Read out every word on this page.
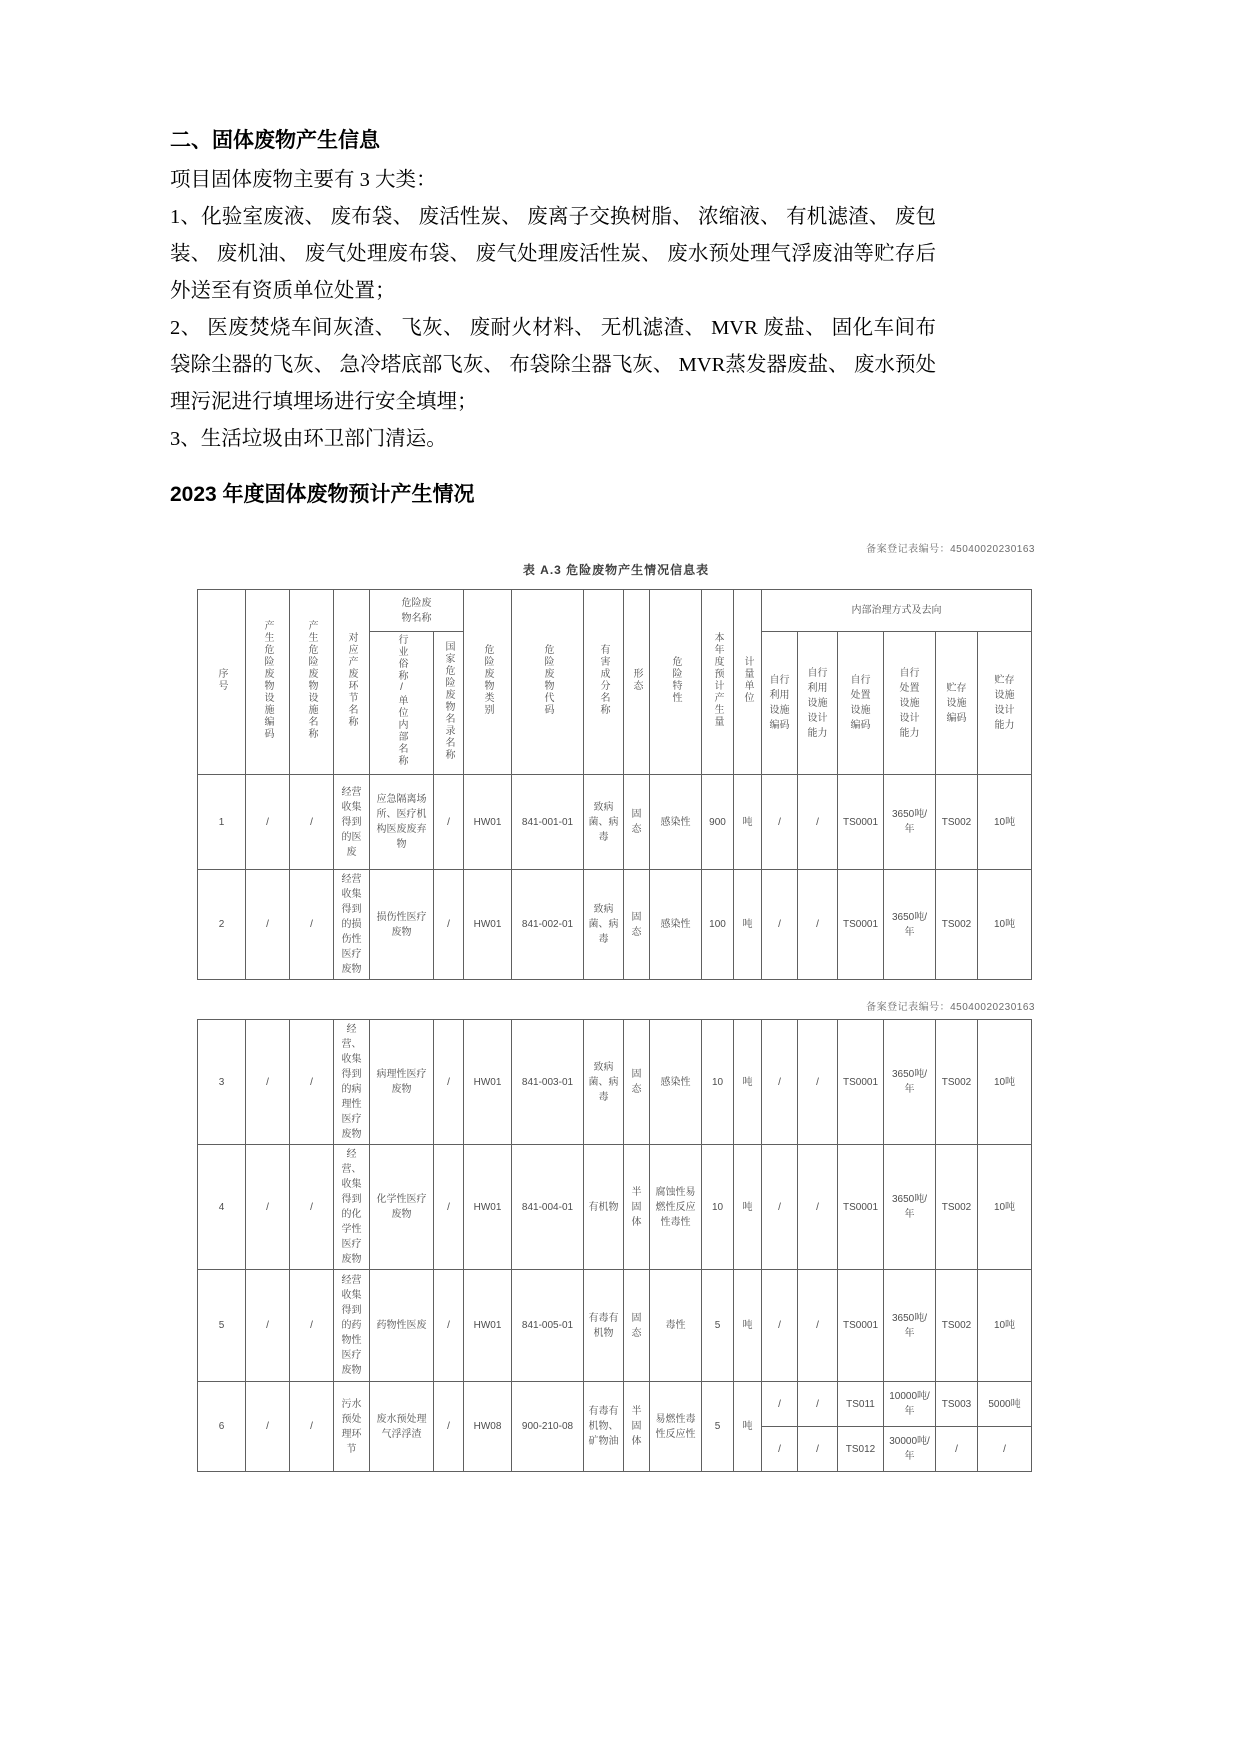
二、固体废物产生信息

项目固体废物主要有 3 大类：

1、化验室废液、 废布袋、 废活性炭、 废离子交换树脂、 浓缩液、 有机滤渣、 废包装、 废机油、 废气处理废布袋、 废气处理废活性炭、 废水预处理气浮废油等贮存后外送至有资质单位处置；

2、 医废焚烧车间灰渣、 飞灰、 废耐火材料、 无机滤渣、 MVR 废盐、 固化车间布袋除尘器的飞灰、 急冷塔底部飞灰、 布袋除尘器飞灰、 MVR蒸发器废盐、 废水预处理污泥进行填埋场进行安全填埋；

3、生活垃圾由环卫部门清运。

2023 年度固体废物预计产生情况
备案登记表编号：45040020230163
表 A.3 危险废物产生情况信息表
序号	产生危险废物设施编码	产生危险废物设施名称	对应产废环节名称	危险废物名称		危险废物类别	危险废物代码	有害成分名称	形态	危险特性	本年度预计产生量	计量单位	内部治理方式及去向					
				行业俗称/单位内部名称	国家危险废物名录名称								自行利用设施编码	自行利用设施设计能力	自行处置设施编码	自行处置设施设计能力	贮存设施编码	贮存设施设计能力
1	/	/	经营收集得到的医废	应急隔离场所、医疗机构医废废弃物	/	HW01	841-001-01	致病菌、病毒	固态	感染性	900	吨	/	/	TS0001	3650吨/年	TS002	10吨
2	/	/	经营收集得到的损伤性医疗废物	损伤性医疗废物	/	HW01	841-002-01	致病菌、病毒	固态	感染性	100	吨	/	/	TS0001	3650吨/年	TS002	10吨
备案登记表编号：45040020230163
3	/	/	经营、收集得到的病理性医疗废物	病理性医疗废物	/	HW01	841-003-01	致病菌、病毒	固态	感染性	10	吨	/	/	TS0001	3650吨/年	TS002	10吨
4	/	/	经营、收集得到的化学性医疗废物	化学性医疗废物	/	HW01	841-004-01	有机物	半固体	腐蚀性易燃性反应性毒性	10	吨	/	/	TS0001	3650吨/年	TS002	10吨
5	/	/	经营收集得到的药物性医疗废物	药物性医废	/	HW01	841-005-01	有毒有机物	固态	毒性	5	吨	/	/	TS0001	3650吨/年	TS002	10吨
6	/	/	污水预处理环节	废水预处理气浮浮渣	/	HW08	900-210-08	有毒有机物、矿物油	半固体	易燃性毒性反应性	5	吨	/	/	TS011	10000吨/年	TS003	5000吨
													/	/	TS012	30000吨/年	/	/
